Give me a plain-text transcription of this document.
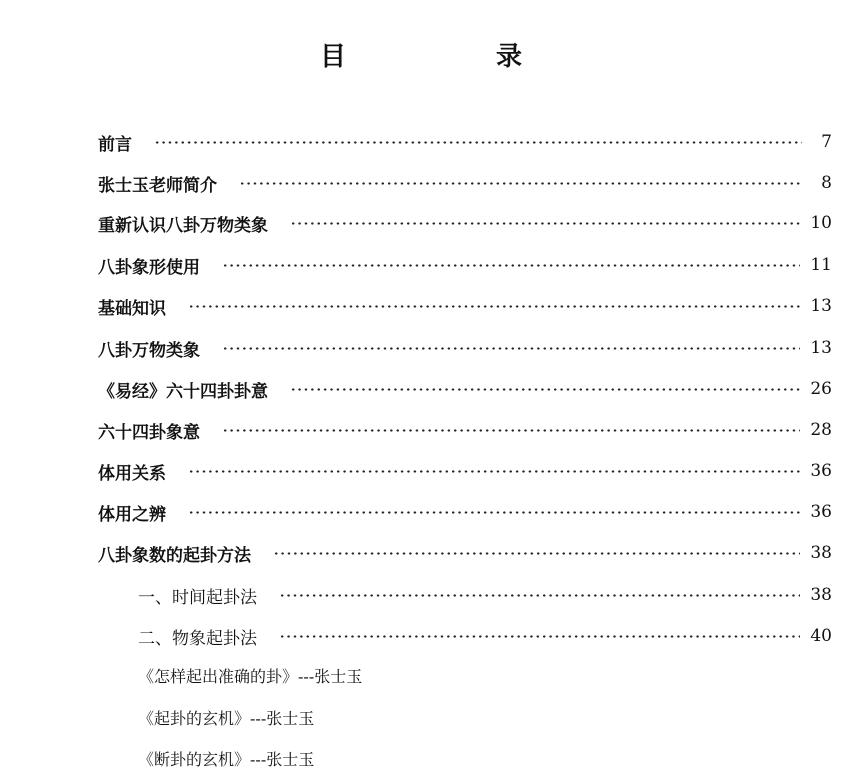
目　录
前言	7
张士玉老师简介	8
重新认识八卦万物类象	10
八卦象形使用	11
基础知识	13
八卦万物类象	13
《易经》六十四卦卦意	26
六十四卦象意	28
体用关系	36
体用之辨	36
八卦象数的起卦方法	38
一、时间起卦法	38
二、物象起卦法	40
《怎样起出准确的卦》---张士玉
《起卦的玄机》---张士玉
《断卦的玄机》---张士玉
